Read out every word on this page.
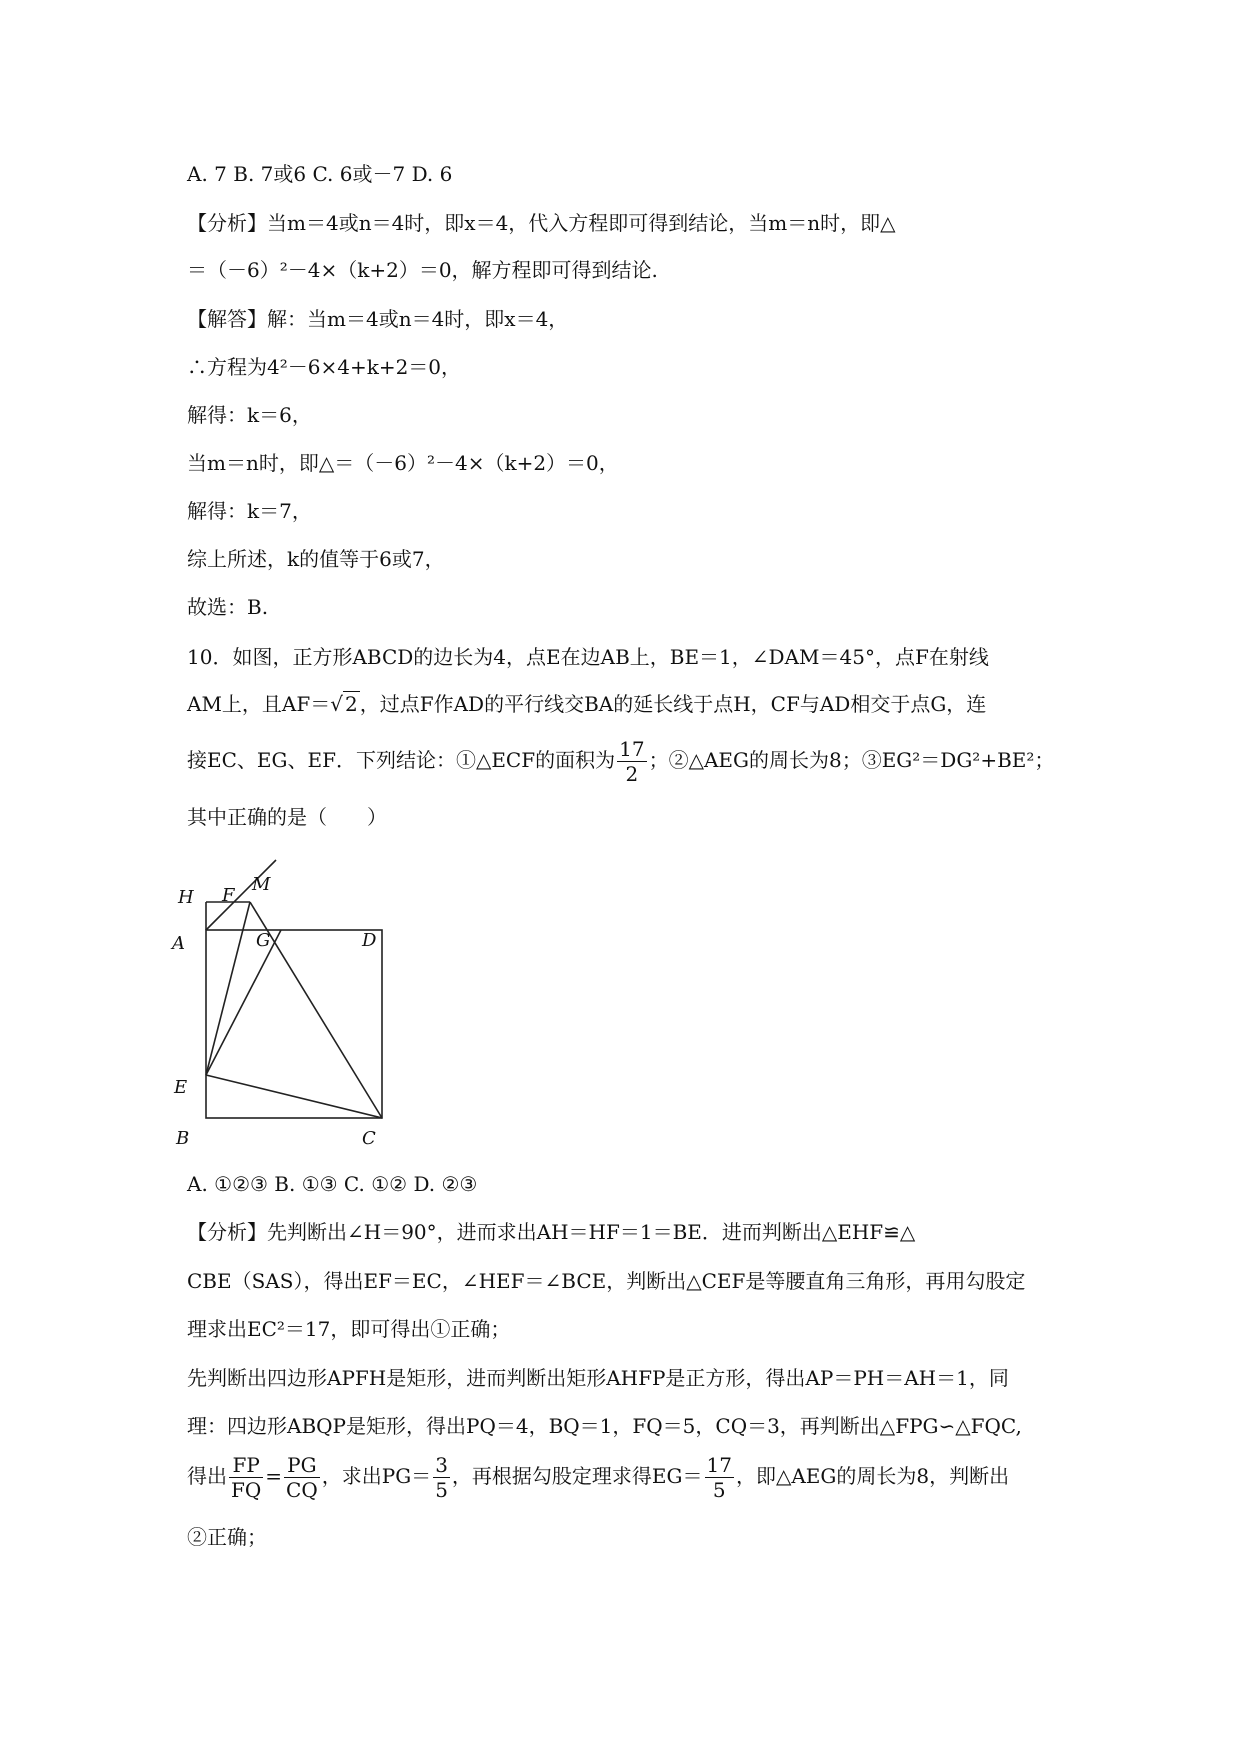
A. 7 B. 7或6 C. 6或－7 D. 6
【分析】当m＝4或n＝4时，即x＝4，代入方程即可得到结论，当m＝n时，即△
＝（－6）²－4×（k+2）＝0，解方程即可得到结论.
【解答】解：当m＝4或n＝4时，即x＝4，
∴方程为4²－6×4+k+2＝0，
解得：k＝6，
当m＝n时，即△＝（－6）²－4×（k+2）＝0，
解得：k＝7，
综上所述，k的值等于6或7，
故选：B.
10．如图，正方形ABCD的边长为4，点E在边AB上，BE＝1，∠DAM＝45°，点F在射线
AM上，且AF＝√ 2 ，过点F作AD的平行线交BA的延长线于点H，CF与AD相交于点G，连
接EC、EG、EF．下列结论：①△ECF的面积为 $\frac{17}{2}$ ；②△AEG的周长为8；③EG²＝DG²+BE²；
其中正确的是（　　）
H F
M
A	G	D
E
B	C
A. ①②③ B. ①③ C. ①② D. ②③
【分析】先判断出∠H＝90°，进而求出AH＝HF＝1＝BE．进而判断出△EHF≌△
CBE（SAS），得出EF＝EC，∠HEF＝∠BCE，判断出△CEF是等腰直角三角形，再用勾股定
理求出EC²＝17，即可得出①正确；
先判断出四边形APFH是矩形，进而判断出矩形AHFP是正方形，得出AP＝PH＝AH＝1，同
理：四边形ABQP是矩形，得出PQ＝4，BQ＝1，FQ＝5，CQ＝3，再判断出△FPG∽△FQC,
得出 $\frac{FP}{FQ} = \frac{PG}{CQ}$ ，求出$PG= \frac{3}{5}$ ，再根据勾股定理求得$EG= \frac{17}{5}$ ，即△AEG的周长为8，判断出
②正确；
